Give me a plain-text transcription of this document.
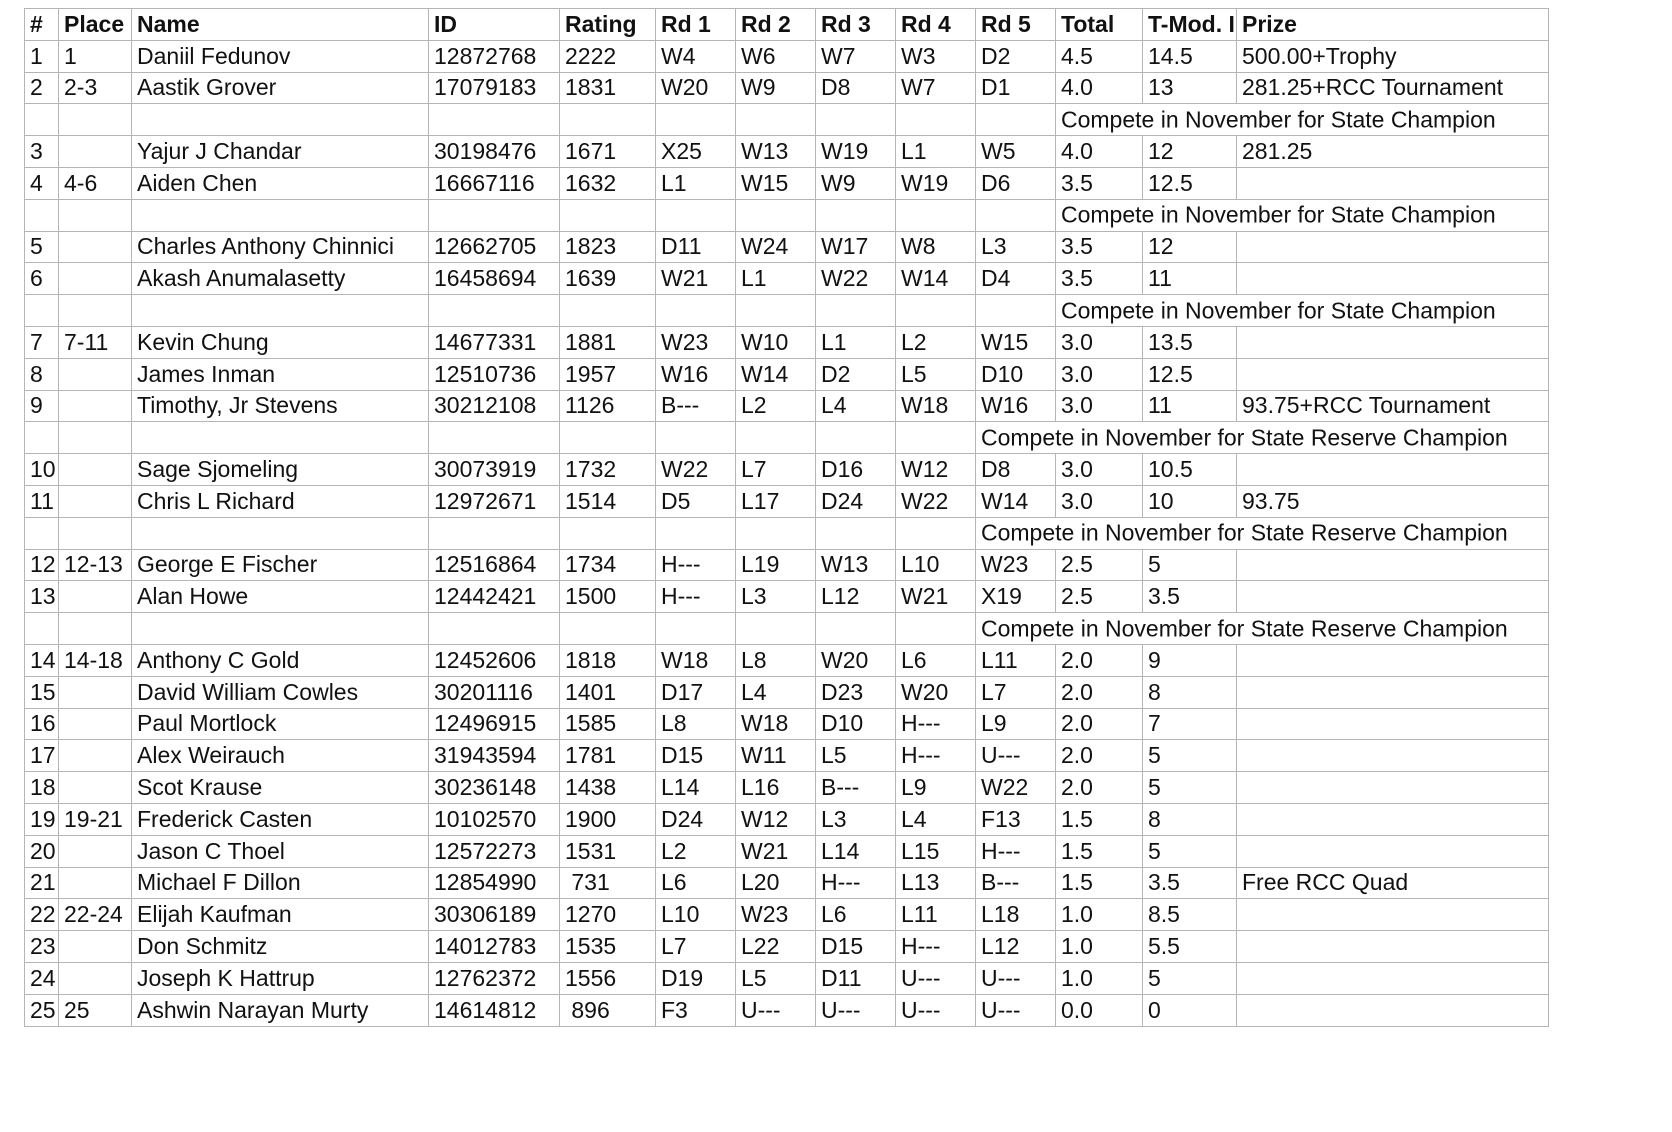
#	Place	Name	ID	Rating	Rd 1	Rd 2	Rd 3	Rd 4	Rd 5	Total	T-Mod. I	Prize
1	1	Daniil Fedunov	12872768	2222	W4	W6	W7	W3	D2	4.5	14.5	500.00+Trophy
2	2-3	Aastik Grover	17079183	1831	W20	W9	D8	W7	D1	4.0	13	281.25+RCC Tournament

										Compete in November for State Champion		

3		Yajur J Chandar	30198476	1671	X25	W13	W19	L1	W5	4.0	12	281.25
4	4-6	Aiden Chen	16667116	1632	L1	W15	W9	W19	D6	3.5	12.5	

										Compete in November for State Champion		

5		Charles Anthony Chinnici	12662705	1823	D11	W24	W17	W8	L3	3.5	12	
6		Akash Anumalasetty	16458694	1639	W21	L1	W22	W14	D4	3.5	11	

										Compete in November for State Champion		

7	7-11	Kevin Chung	14677331	1881	W23	W10	L1	L2	W15	3.0	13.5	
8		James Inman	12510736	1957	W16	W14	D2	L5	D10	3.0	12.5	
9		Timothy, Jr Stevens	30212108	1126	B---	L2	L4	W18	W16	3.0	11	93.75+RCC Tournament

									Compete in November for State Reserve Champion			

10		Sage Sjomeling	30073919	1732	W22	L7	D16	W12	D8	3.0	10.5	
11		Chris L Richard	12972671	1514	D5	L17	D24	W22	W14	3.0	10	93.75

									Compete in November for State Reserve Champion			

12	12-13	George E Fischer	12516864	1734	H---	L19	W13	L10	W23	2.5	5	
13		Alan Howe	12442421	1500	H---	L3	L12	W21	X19	2.5	3.5	

									Compete in November for State Reserve Champion			

14	14-18	Anthony C Gold	12452606	1818	W18	L8	W20	L6	L11	2.0	9	
15		David William Cowles	30201116	1401	D17	L4	D23	W20	L7	2.0	8	
16		Paul Mortlock	12496915	1585	L8	W18	D10	H---	L9	2.0	7	
17		Alex Weirauch	31943594	1781	D15	W11	L5	H---	U---	2.0	5	
18		Scot Krause	30236148	1438	L14	L16	B---	L9	W22	2.0	5	
19	19-21	Frederick Casten	10102570	1900	D24	W12	L3	L4	F13	1.5	8	
20		Jason C Thoel	12572273	1531	L2	W21	L14	L15	H---	1.5	5	
21		Michael F Dillon	12854990	731	L6	L20	H---	L13	B---	1.5	3.5	Free RCC Quad
22	22-24	Elijah Kaufman	30306189	1270	L10	W23	L6	L11	L18	1.0	8.5	
23		Don Schmitz	14012783	1535	L7	L22	D15	H---	L12	1.0	5.5	
24		Joseph K Hattrup	12762372	1556	D19	L5	D11	U---	U---	1.0	5	
25	25	Ashwin Narayan Murty	14614812	896	F3	U---	U---	U---	U---	0.0	0	
